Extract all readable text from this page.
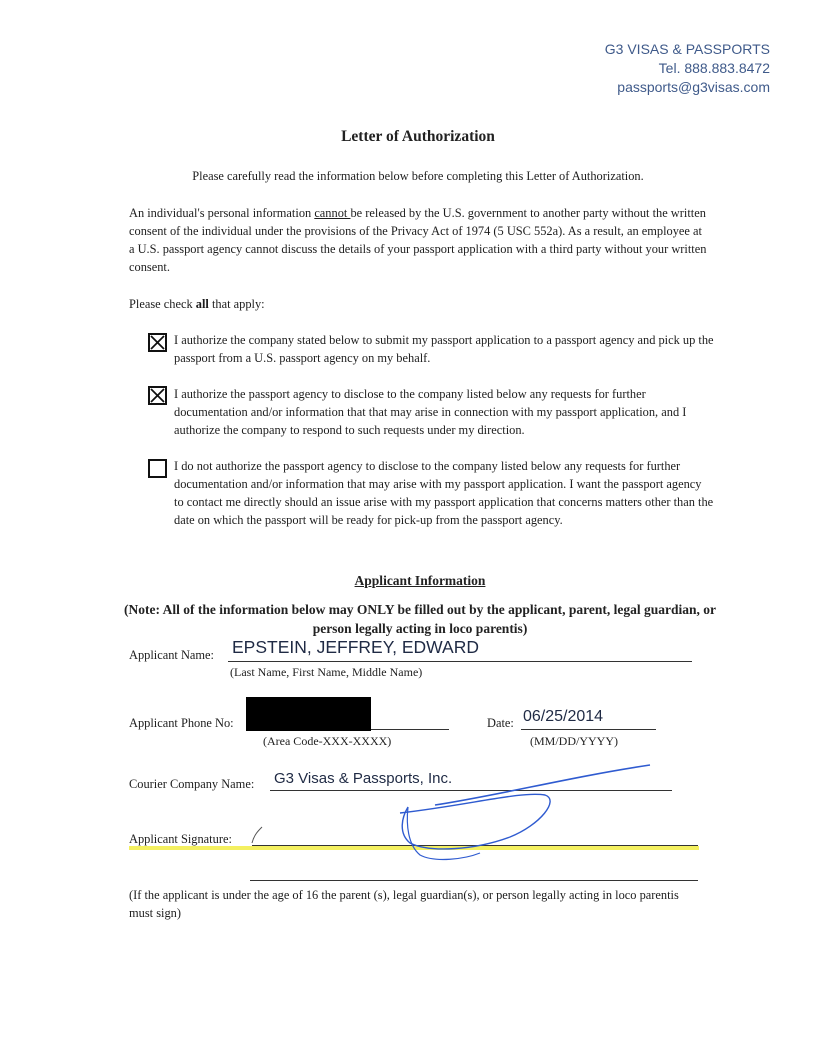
G3 VISAS & PASSPORTS
Tel. 888.883.8472
passports@g3visas.com
Letter of Authorization
Please carefully read the information below before completing this Letter of Authorization.
An individual's personal information cannot be released by the U.S. government to another party without the written consent of the individual under the provisions of the Privacy Act of 1974 (5 USC 552a). As a result, an employee at a U.S. passport agency cannot discuss the details of your passport application with a third party without your written consent.
Please check all that apply:
I authorize the company stated below to submit my passport application to a passport agency and pick up the passport from a U.S. passport agency on my behalf.
I authorize the passport agency to disclose to the company listed below any requests for further documentation and/or information that that may arise in connection with my passport application, and I authorize the company to respond to such requests under my direction.
I do not authorize the passport agency to disclose to the company listed below any requests for further documentation and/or information that may arise with my passport application. I want the passport agency to contact me directly should an issue arise with my passport application that concerns matters other than the date on which the passport will be ready for pick-up from the passport agency.
Applicant Information
(Note: All of the information below may ONLY be filled out by the applicant, parent, legal guardian, or person legally acting in loco parentis)
Applicant Name: EPSTEIN, JEFFREY, EDWARD
(Last Name, First Name, Middle Name)
Applicant Phone No:
(Area Code-XXX-XXXX)
Date: 06/25/2014
(MM/DD/YYYY)
Courier Company Name: G3 Visas & Passports, Inc.
Applicant Signature:
(If the applicant is under the age of 16 the parent (s), legal guardian(s), or person legally acting in loco parentis must sign)
